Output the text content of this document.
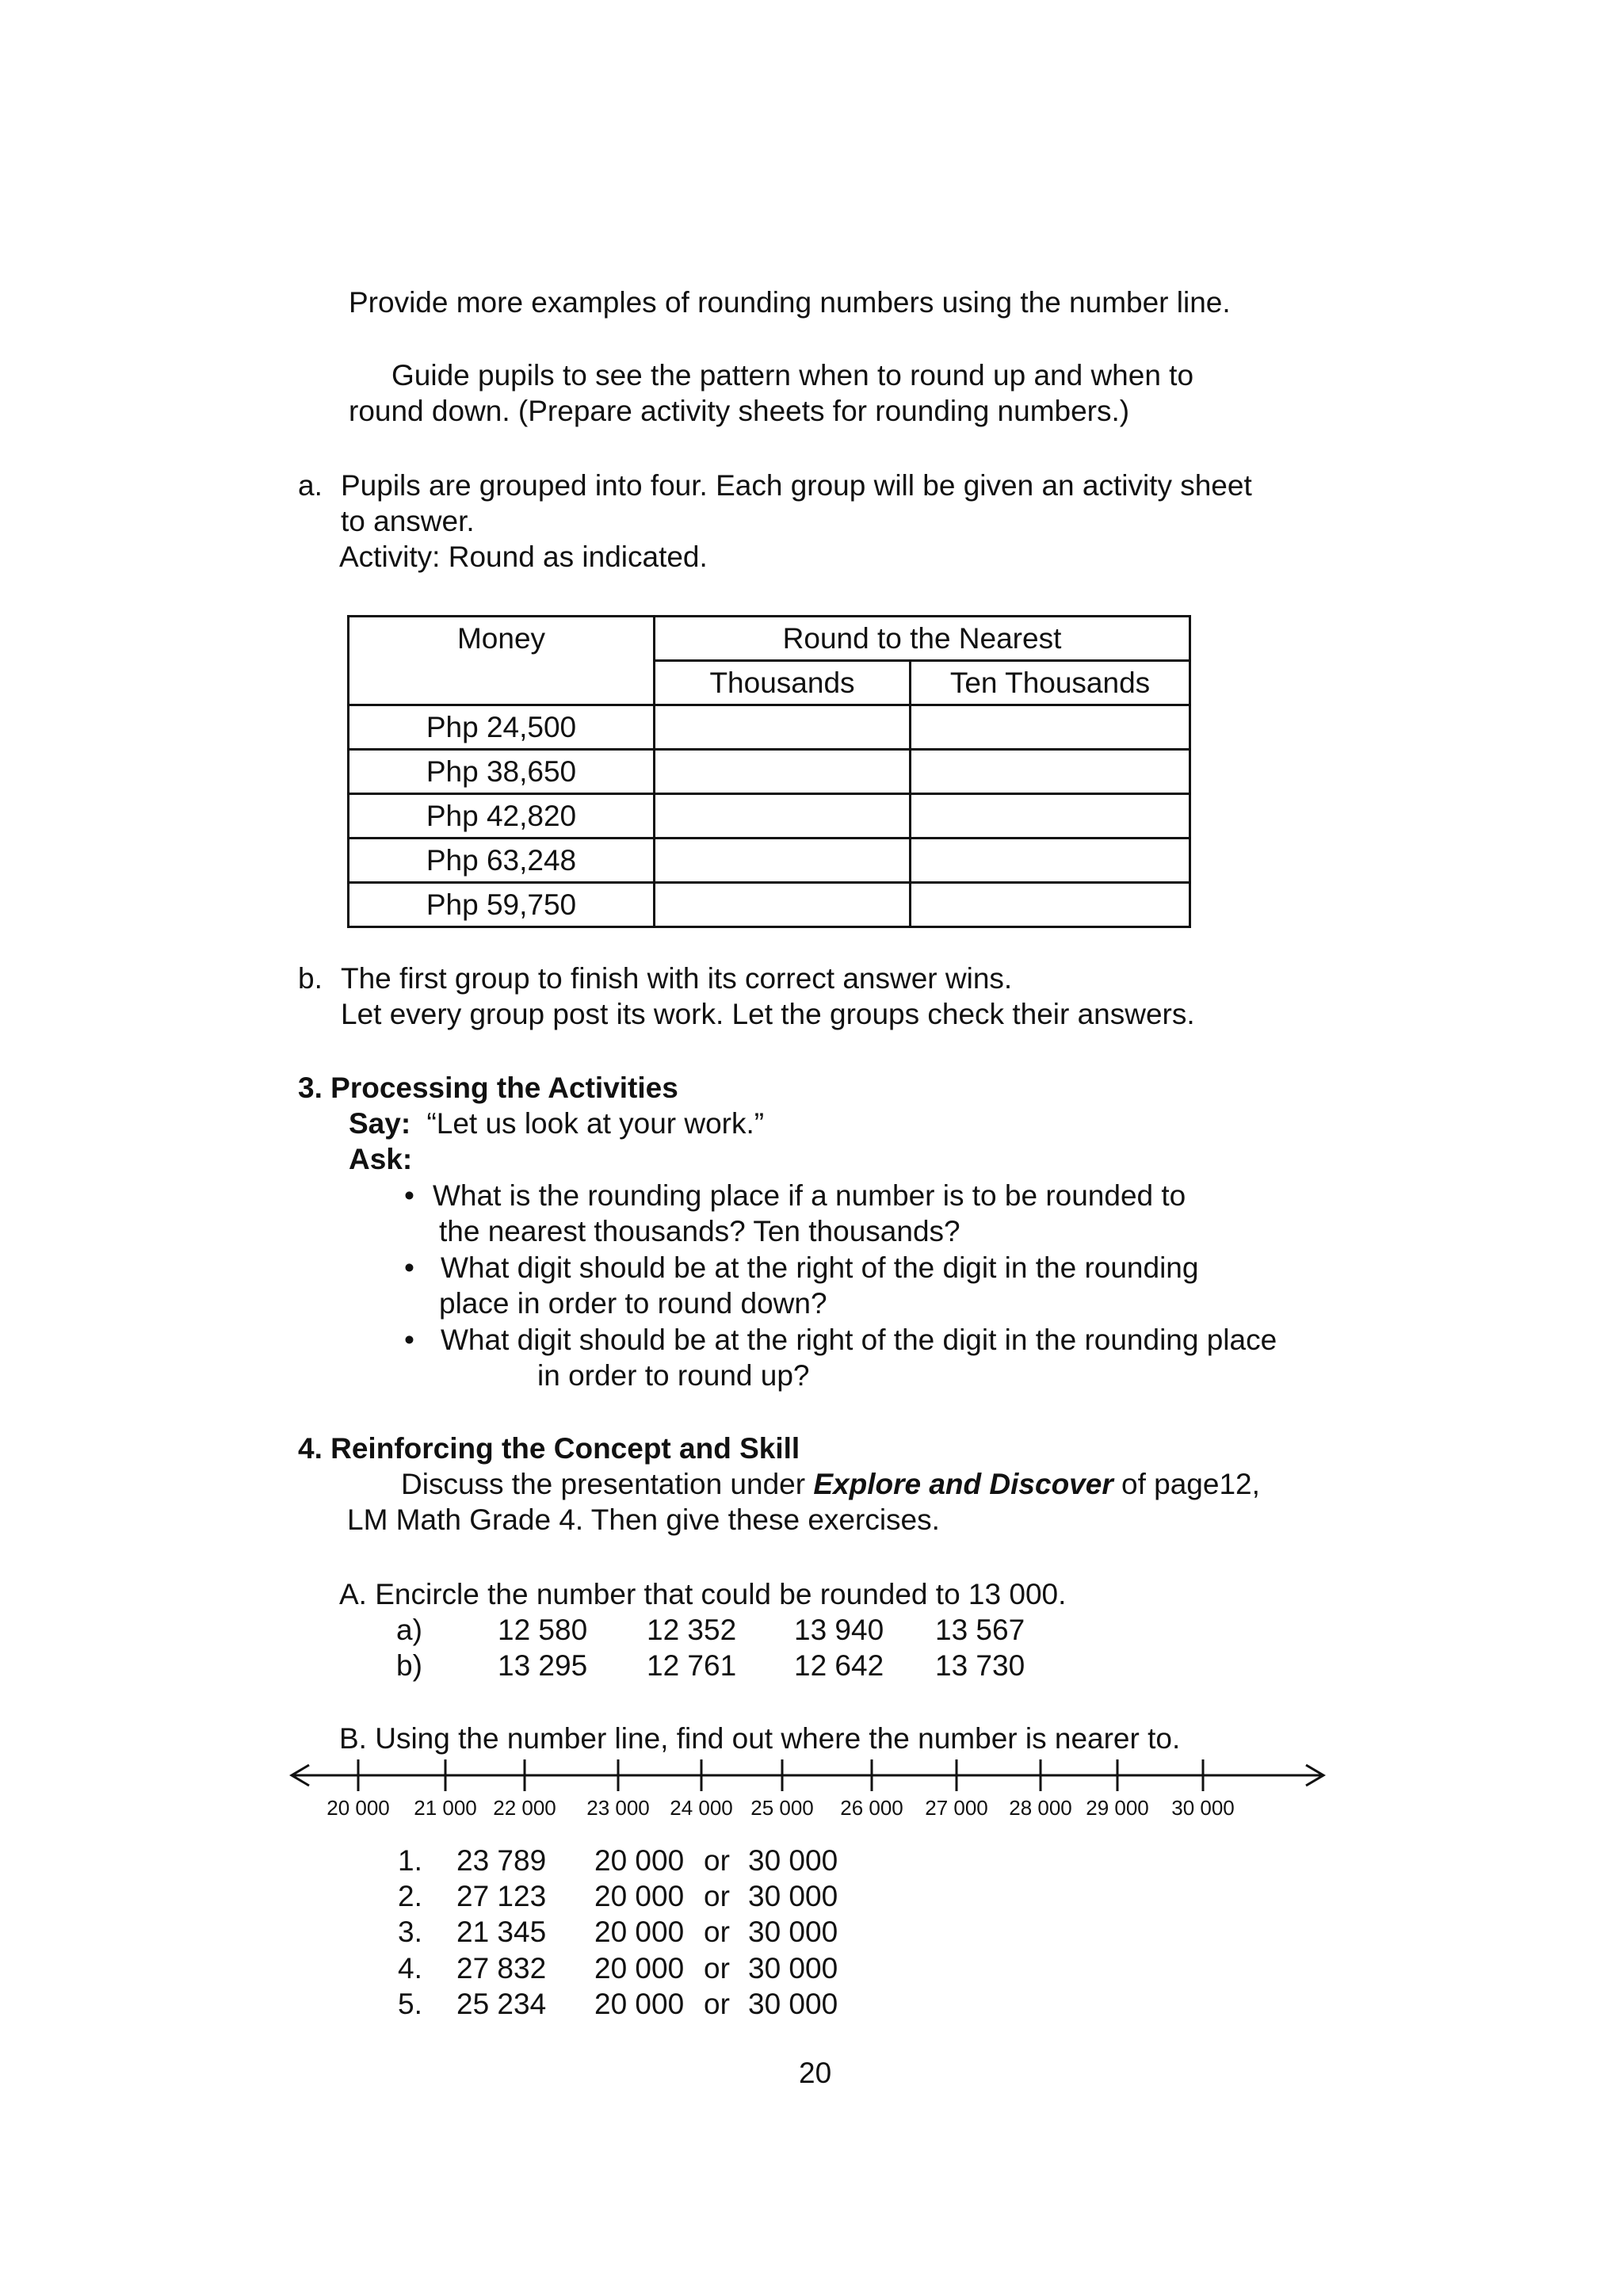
Provide more examples of rounding numbers using the number line.
Guide pupils to see the pattern when to round up and when to
round down. (Prepare activity sheets for rounding numbers.)
a. Pupils are grouped into four. Each group will be given an activity sheet
to answer.
Activity: Round as indicated.
Money	Round to the Nearest	
	Thousands	Ten Thousands
Php 24,500		
Php 38,650		
Php 42,820		
Php 63,248		
Php 59,750		
b. The first group to finish with its correct answer wins.
Let every group post its work. Let the groups check their answers.
3. Processing the Activities
Say: “Let us look at your work.”
Ask:
• What is the rounding place if a number is to be rounded to
the nearest thousands? Ten thousands?
• What digit should be at the right of the digit in the rounding
place in order to round down?
• What digit should be at the right of the digit in the rounding place
in order to round up?
4. Reinforcing the Concept and Skill
Discuss the presentation under Explore and Discover of page12,
LM Math Grade 4. Then give these exercises.
A. Encircle the number that could be rounded to 13 000.
a)	12 580 12 352 13 940 13 567
b)	13 295 12 761 12 642 13 730
B. Using the number line, find out where the number is nearer to.
20 000 21 000 22 000 23 000 24 000 25 000 26 000 27 000 28 000 29 000 30 000
1. 23 789 20 000 or 30 000
2. 27 123 20 000 or 30 000
3. 21 345 20 000 or 30 000
4. 27 832 20 000 or 30 000
5. 25 234 20 000 or 30 000
20
